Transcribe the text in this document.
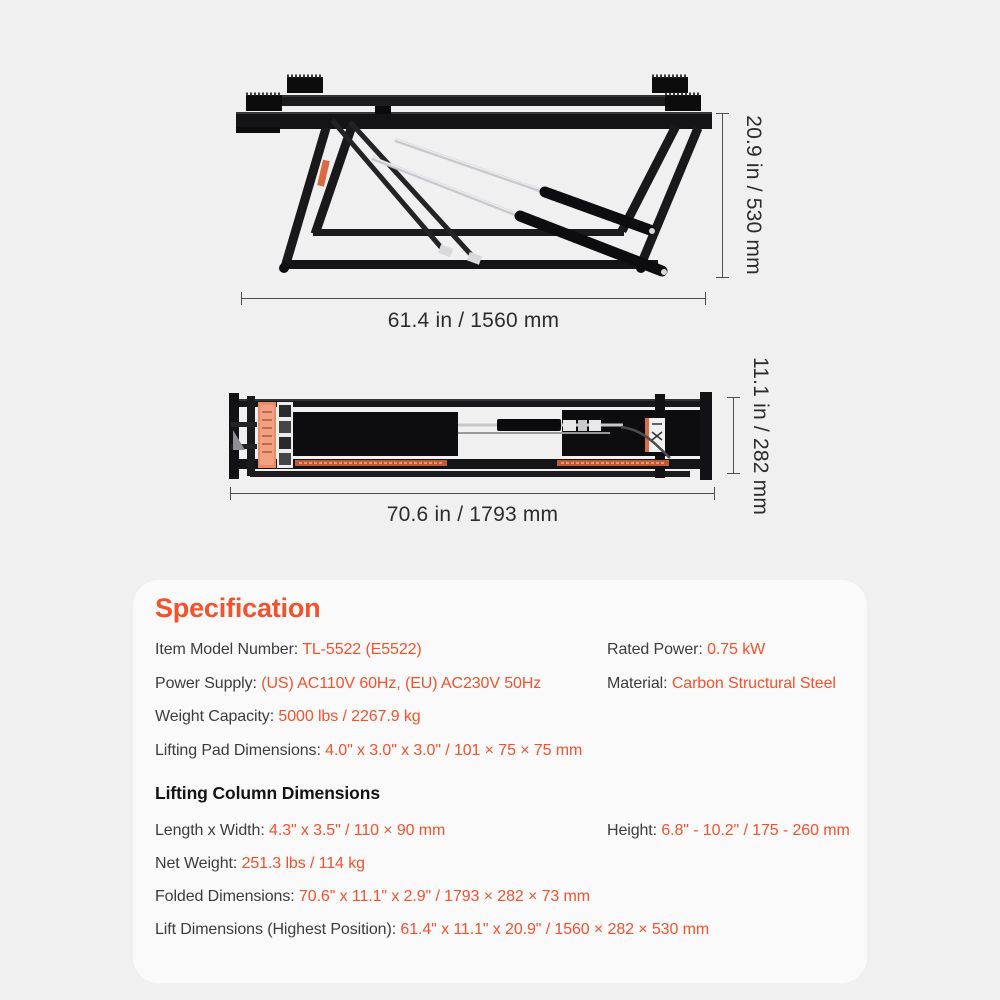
61.4 in / 1560 mm
20.9 in / 530 mm
11.1 in / 282 mm
70.6 in / 1793 mm
Specification
Item Model Number: TL-5522 (E5522)
Power Supply: (US) AC110V 60Hz, (EU) AC230V 50Hz
Weight Capacity: 5000 lbs / 2267.9 kg
Lifting Pad Dimensions: 4.0" x 3.0" x 3.0" / 101 × 75 × 75 mm
Rated Power: 0.75 kW
Material: Carbon Structural Steel
Lifting Column Dimensions
Length x Width: 4.3" x 3.5" / 110 × 90 mm
Net Weight: 251.3 lbs / 114 kg
Folded Dimensions: 70.6" x 11.1" x 2.9" / 1793 × 282 × 73 mm
Lift Dimensions (Highest Position): 61.4" x 11.1" x 20.9" / 1560 × 282 × 530 mm
Height: 6.8" - 10.2" / 175 - 260 mm
